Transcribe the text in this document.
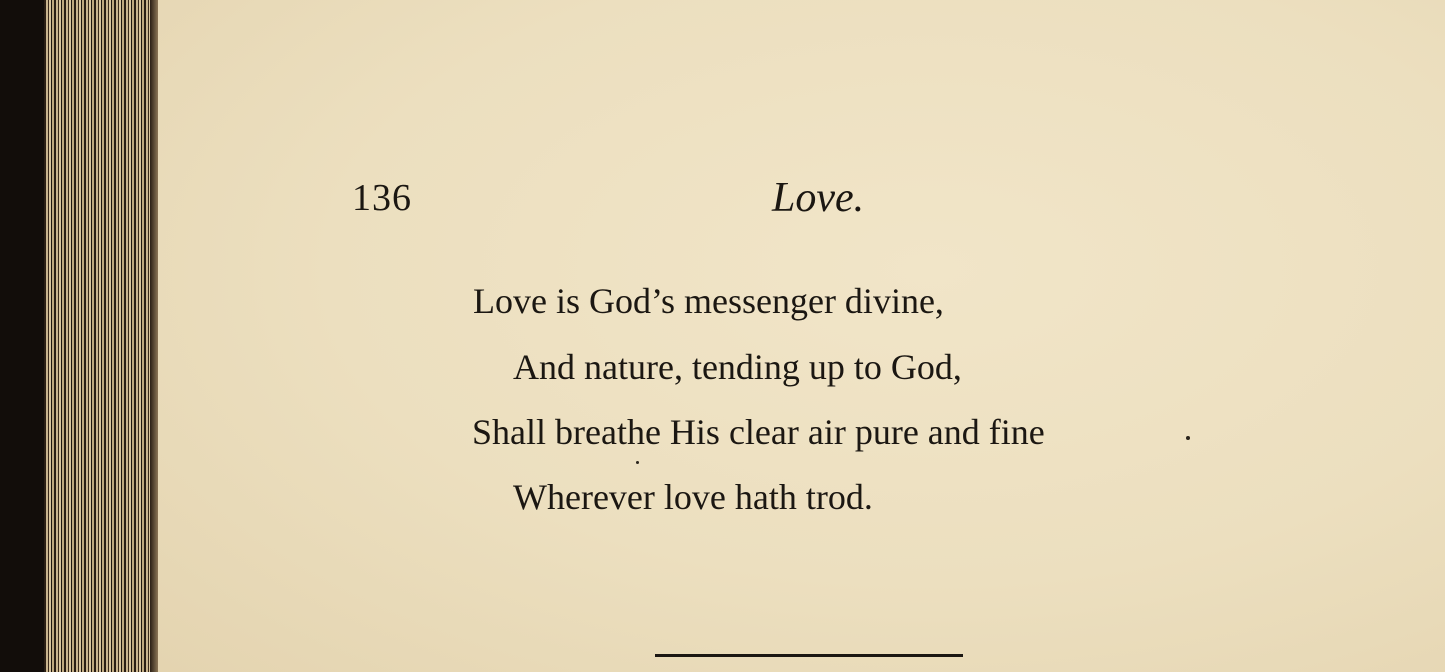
136	Love.
Love is God’s messenger divine,
And nature, tending up to God,
Shall breathe His clear air pure and fine
Wherever love hath trod.
